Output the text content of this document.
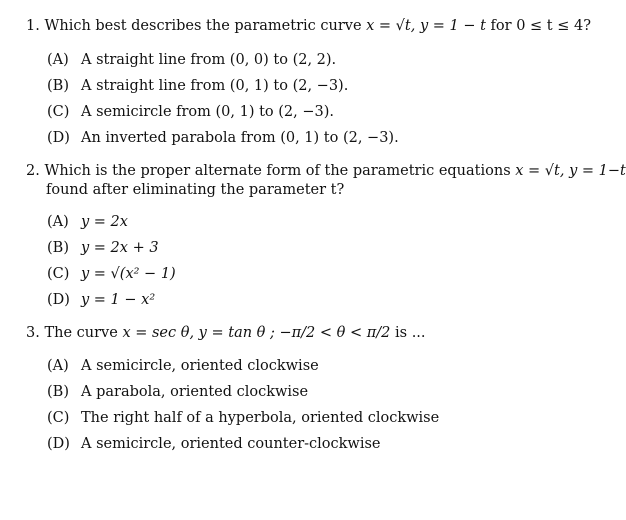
1. Which best describes the parametric curve x = √t, y = 1 − t for 0 ≤ t ≤ 4?
(A) A straight line from (0, 0) to (2, 2).
(B) A straight line from (0, 1) to (2, −3).
(C) A semicircle from (0, 1) to (2, −3).
(D) An inverted parabola from (0, 1) to (2, −3).
2. Which is the proper alternate form of the parametric equations x = √t, y = 1−t
found after eliminating the parameter t?
(A) y = 2x
(B) y = 2x + 3
(C) y = √(x² − 1)
(D) y = 1 − x²
3. The curve x = sec θ, y = tan θ ; −π/2 < θ < π/2 is ...
(A) A semicircle, oriented clockwise
(B) A parabola, oriented clockwise
(C) The right half of a hyperbola, oriented clockwise
(D) A semicircle, oriented counter-clockwise
